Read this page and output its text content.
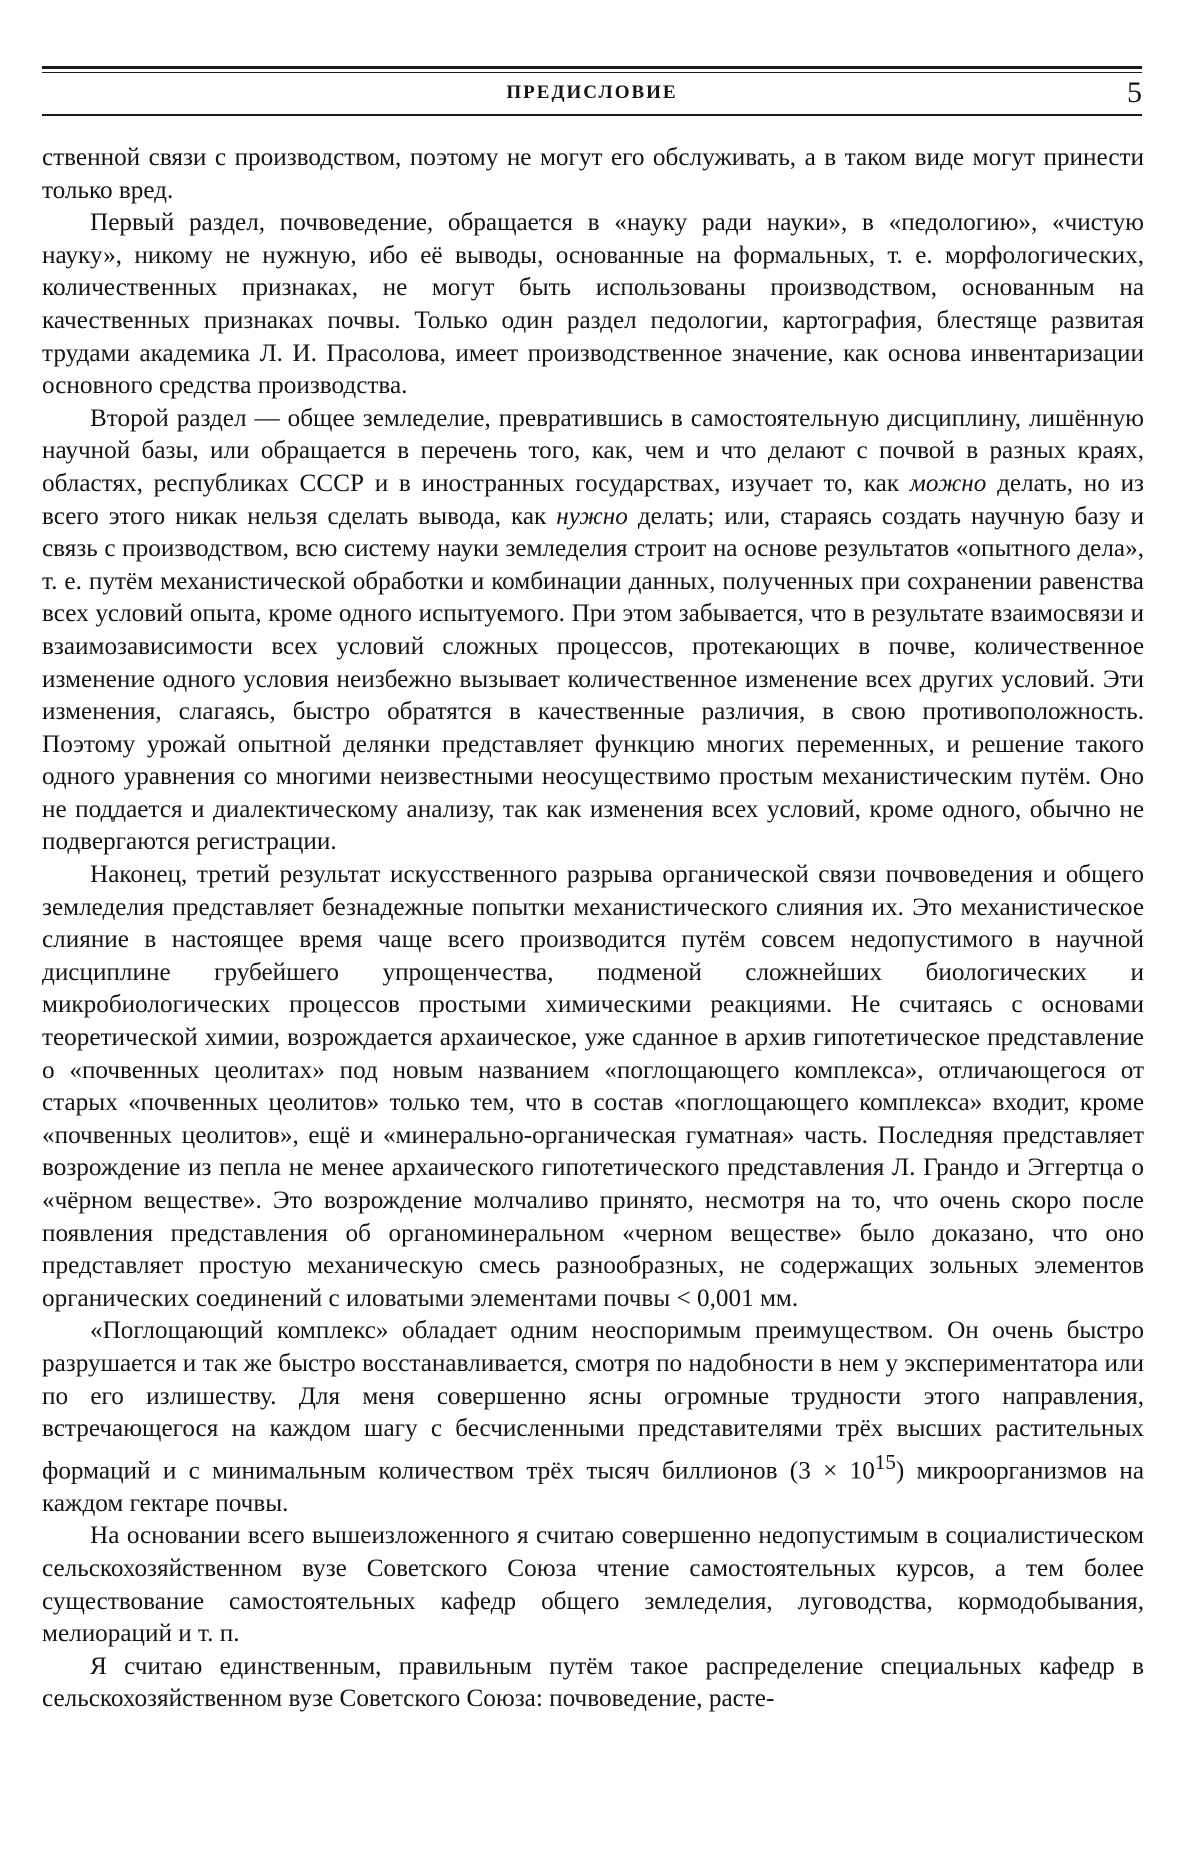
ПРЕДИСЛОВИЕ	5

ственной связи с производством, поэтому не могут его обслуживать, а в таком виде могут принести только вред.

Первый раздел, почвоведение, обращается в «науку ради науки», в «педологию», «чистую науку», никому не нужную, ибо её выводы, основанные на формальных, т. е. морфологических, количественных признаках, не могут быть использованы производством, основанным на качественных признаках почвы. Только один раздел педологии, картография, блестяще развитая трудами академика Л. И. Прасолова, имеет производственное значение, как основа инвентаризации основного средства производства.

Второй раздел — общее земледелие, превратившись в самостоятельную дисциплину, лишённую научной базы, или обращается в перечень того, как, чем и что делают с почвой в разных краях, областях, республиках СССР и в иностранных государствах, изучает то, как можно делать, но из всего этого никак нельзя сделать вывода, как нужно делать; или, стараясь создать научную базу и связь с производством, всю систему науки земледелия строит на основе результатов «опытного дела», т. е. путём механистической обработки и комбинации данных, полученных при сохранении равенства всех условий опыта, кроме одного испытуемого. При этом забывается, что в результате взаимосвязи и взаимозависимости всех условий сложных процессов, протекающих в почве, количественное изменение одного условия неизбежно вызывает количественное изменение всех других условий. Эти изменения, слагаясь, быстро обратятся в качественные различия, в свою противоположность. Поэтому урожай опытной делянки представляет функцию многих переменных, и решение такого одного уравнения со многими неизвестными неосуществимо простым механистическим путём. Оно не поддается и диалектическому анализу, так как изменения всех условий, кроме одного, обычно не подвергаются регистрации.

Наконец, третий результат искусственного разрыва органической связи почвоведения и общего земледелия представляет безнадежные попытки механистического слияния их. Это механистическое слияние в настоящее время чаще всего производится путём совсем недопустимого в научной дисциплине грубейшего упрощенчества, подменой сложнейших биологических и микробиологических процессов простыми химическими реакциями. Не считаясь с основами теоретической химии, возрождается архаическое, уже сданное в архив гипотетическое представление о «почвенных цеолитах» под новым названием «поглощающего комплекса», отличающегося от старых «почвенных цеолитов» только тем, что в состав «поглощающего комплекса» входит, кроме «почвенных цеолитов», ещё и «минерально-органическая гуматная» часть. Последняя представляет возрождение из пепла не менее архаического гипотетического представления Л. Грандо и Эггертца о «чёрном веществе». Это возрождение молчаливо принято, несмотря на то, что очень скоро после появления представления об органоминеральном «черном веществе» было доказано, что оно представляет простую механическую смесь разнообразных, не содержащих зольных элементов органических соединений с иловатыми элементами почвы < 0,001 мм.

«Поглощающий комплекс» обладает одним неоспоримым преимуществом. Он очень быстро разрушается и так же быстро восстанавливается, смотря по надобности в нем у экспериментатора или по его излишеству. Для меня совершенно ясны огромные трудности этого направления, встречающегося на каждом шагу с бесчисленными представителями трёх высших растительных формаций и с минимальным количеством трёх тысяч биллионов (3 × 1015) микроорганизмов на каждом гектаре почвы.

На основании всего вышеизложенного я считаю совершенно недопустимым в социалистическом сельскохозяйственном вузе Советского Союза чтение самостоятельных курсов, а тем более существование самостоятельных кафедр общего земледелия, луговодства, кормодобывания, мелиораций и т. п.

Я считаю единственным, правильным путём такое распределение специальных кафедр в сельскохозяйственном вузе Советского Союза: почвоведение, расте-
